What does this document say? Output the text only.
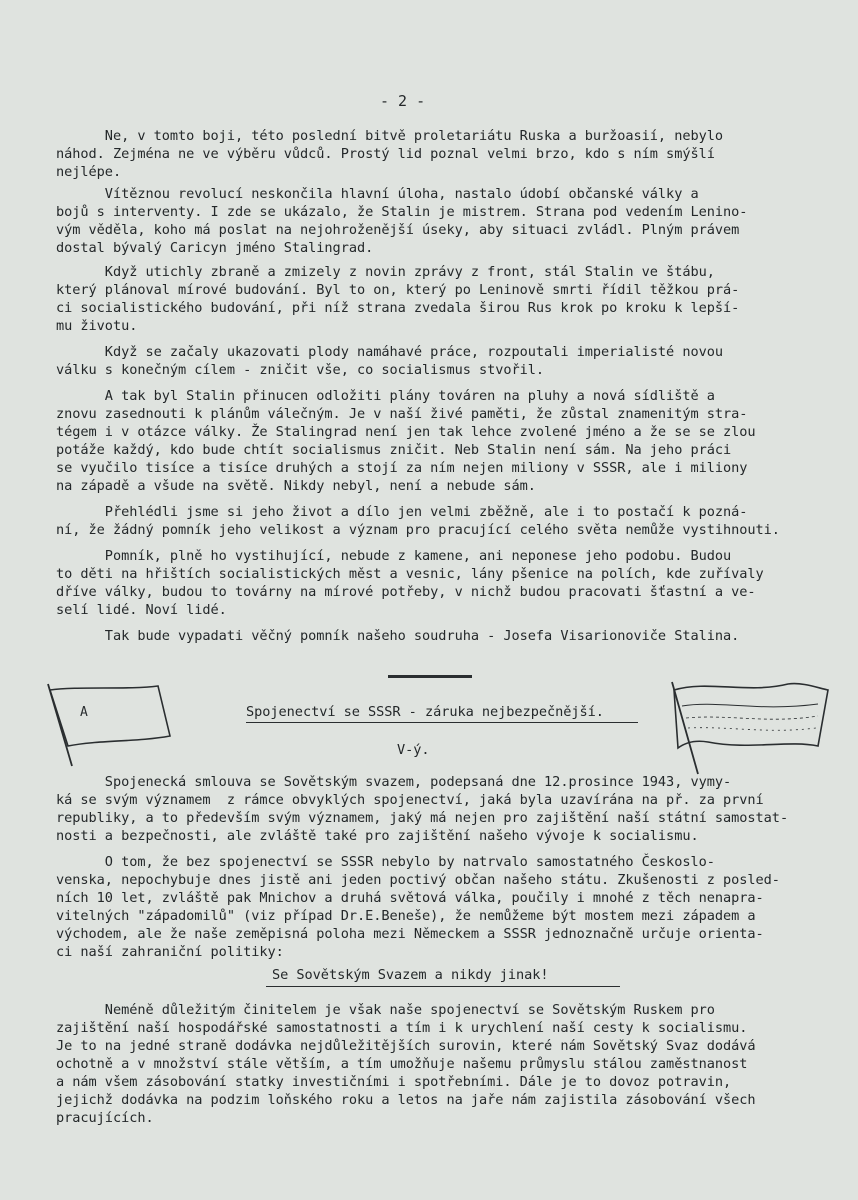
- 2 -
Ne, v tomto boji, této poslední bitvě proletariátu Ruska a buržoasií, nebylo
náhod. Zejména ne ve výběru vůdců. Prostý lid poznal velmi brzo, kdo s ním smýšlí
nejlépe.
Vítěznou revolucí neskončila hlavní úloha, nastalo údobí občanské války a
bojů s interventy. I zde se ukázalo, že Stalin je mistrem. Strana pod vedením Lenino-
vým věděla, koho má poslat na nejohroženější úseky, aby situaci zvládl. Plným právem
dostal bývalý Caricyn jméno Stalingrad.
Když utichly zbraně a zmizely z novin zprávy z front, stál Stalin ve štábu,
který plánoval mírové budování. Byl to on, který po Leninově smrti řídil těžkou prá-
ci socialistického budování, při níž strana zvedala širou Rus krok po kroku k lepší-
mu životu.
Když se začaly ukazovati plody namáhavé práce, rozpoutali imperialisté novou
válku s konečným cílem - zničit vše, co socialismus stvořil.
A tak byl Stalin přinucen odložiti plány továren na pluhy a nová sídliště a
znovu zasednouti k plánům válečným. Je v naší živé paměti, že zůstal znamenitým stra-
tégem i v otázce války. Že Stalingrad není jen tak lehce zvolené jméno a že se se zlou
potáže každý, kdo bude chtít socialismus zničit. Neb Stalin není sám. Na jeho práci
se vyučilo tisíce a tisíce druhých a stojí za ním nejen miliony v SSSR, ale i miliony
na západě a všude na světě. Nikdy nebyl, není a nebude sám.
Přehlédli jsme si jeho život a dílo jen velmi zběžně, ale i to postačí k pozná-
ní, že žádný pomník jeho velikost a význam pro pracující celého světa nemůže vystihnouti.
Pomník, plně ho vystihující, nebude z kamene, ani neponese jeho podobu. Budou
to děti na hřištích socialistických měst a vesnic, lány pšenice na polích, kde zuřívaly
dříve války, budou to továrny na mírové potřeby, v nichž budou pracovati šťastní a ve-
selí lidé. Noví lidé.
Tak bude vypadati věčný pomník našeho soudruha - Josefa Visarionoviče Stalina.
A	Spojenectví se SSSR - záruka nejbezpečnější.
V-ý.
Spojenecká smlouva se Sovětským svazem, podepsaná dne 12.prosince 1943, vymy-
ká se svým významem  z rámce obvyklých spojenectví, jaká byla uzavírána na př. za první
republiky, a to především svým významem, jaký má nejen pro zajištění naší státní samostat-
nosti a bezpečnosti, ale zvláště také pro zajištění našeho vývoje k socialismu.
O tom, že bez spojenectví se SSSR nebylo by natrvalo samostatného Českoslo-
venska, nepochybuje dnes jistě ani jeden poctivý občan našeho státu. Zkušenosti z posled-
ních 10 let, zvláště pak Mnichov a druhá světová válka, poučily i mnohé z těch nenapra-
vitelných "západomilů" (viz případ Dr.E.Beneše), že nemůžeme být mostem mezi západem a
východem, ale že naše zeměpisná poloha mezi Německem a SSSR jednoznačně určuje orienta-
ci naší zahraniční politiky:
Se Sovětským Svazem a nikdy jinak!
Neméně důležitým činitelem je však naše spojenectví se Sovětským Ruskem pro
zajištění naší hospodářské samostatnosti a tím i k urychlení naší cesty k socialismu.
Je to na jedné straně dodávka nejdůležitějších surovin, které nám Sovětský Svaz dodává
ochotně a v množství stále větším, a tím umožňuje našemu průmyslu stálou zaměstnanost
a nám všem zásobování statky investičními i spotřebními. Dále je to dovoz potravin,
jejichž dodávka na podzim loňského roku a letos na jaře nám zajistila zásobování všech
pracujících.
